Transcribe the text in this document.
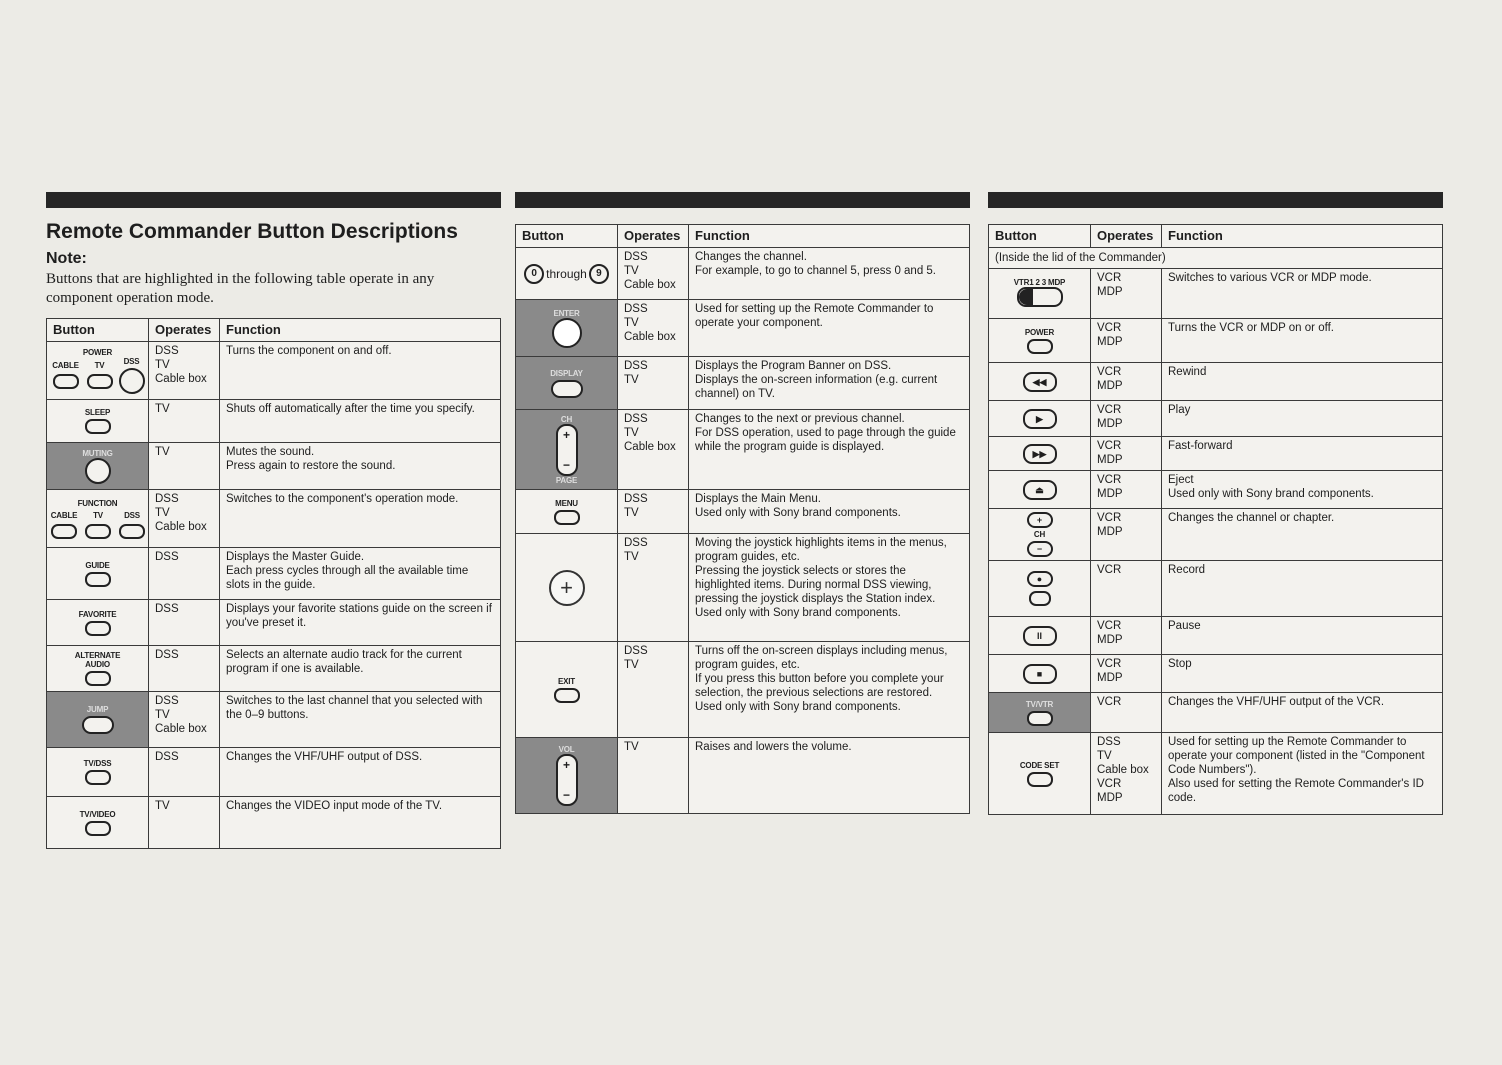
Remote Commander Button Descriptions
Note:
Buttons that are highlighted in the following table operate in any component operation mode.
Button	Operates	Function

POWER
CABLE TV DSS	DSS
TV
Cable box	Turns the component on and off.

SLEEP	TV	Shuts off automatically after the time you specify.

MUTING	TV	Mutes the sound.
Press again to restore the sound.

FUNCTION
CABLE TV DSS	DSS
TV
Cable box	Switches to the component's operation mode.

GUIDE	DSS	Displays the Master Guide.
Each press cycles through all the available time slots in the guide.

FAVORITE	DSS	Displays your favorite stations guide on the screen if you've preset it.

ALTERNATE
AUDIO	DSS	Selects an alternate audio track for the current program if one is available.

JUMP	DSS
TV
Cable box	Switches to the last channel that you selected with the 0–9 buttons.

TV/DSS	DSS	Changes the VHF/UHF output of DSS.

TV/VIDEO	TV	Changes the VIDEO input mode of the TV.
Button	Operates	Function
0 through 9	DSS
TV
Cable box	Changes the channel.
For example, to go to channel 5, press 0 and 5.

ENTER	DSS
TV
Cable box	Used for setting up the Remote Commander to operate your component.

DISPLAY	DSS
TV	Displays the Program Banner on DSS.
Displays the on-screen information (e.g. current channel) on TV.

CH
+
−
PAGE	DSS
TV
Cable box	Changes to the next or previous channel.
For DSS operation, used to page through the guide while the program guide is displayed.

MENU	DSS
TV	Displays the Main Menu.
Used only with Sony brand components.
+	DSS
TV	Moving the joystick highlights items in the menus, program guides, etc.
Pressing the joystick selects or stores the highlighted items. During normal DSS viewing, pressing the joystick displays the Station index.
Used only with Sony brand components.

EXIT	DSS
TV	Turns off the on-screen displays including menus, program guides, etc.
If you press this button before you complete your selection, the previous selections are restored.
Used only with Sony brand components.

VOL
+
−	TV	Raises and lowers the volume.
Button	Operates	Function
(Inside the lid of the Commander)		

VTR1 2 3 MDP	VCR
MDP	Switches to various VCR or MDP mode.

POWER	VCR
MDP	Turns the VCR or MDP on or off.
◀◀	VCR
MDP	Rewind
▶	VCR
MDP	Play
▶▶	VCR
MDP	Fast-forward
⏏	VCR
MDP	Eject
Used only with Sony brand components.

+
CH
−	VCR
MDP	Changes the channel or chapter.

●	VCR	Record
II	VCR
MDP	Pause
■	VCR
MDP	Stop

TV/VTR	VCR	Changes the VHF/UHF output of the VCR.

CODE SET	DSS
TV
Cable box
VCR
MDP	Used for setting up the Remote Commander to operate your component (listed in the "Component Code Numbers").
Also used for setting the Remote Commander's ID code.
